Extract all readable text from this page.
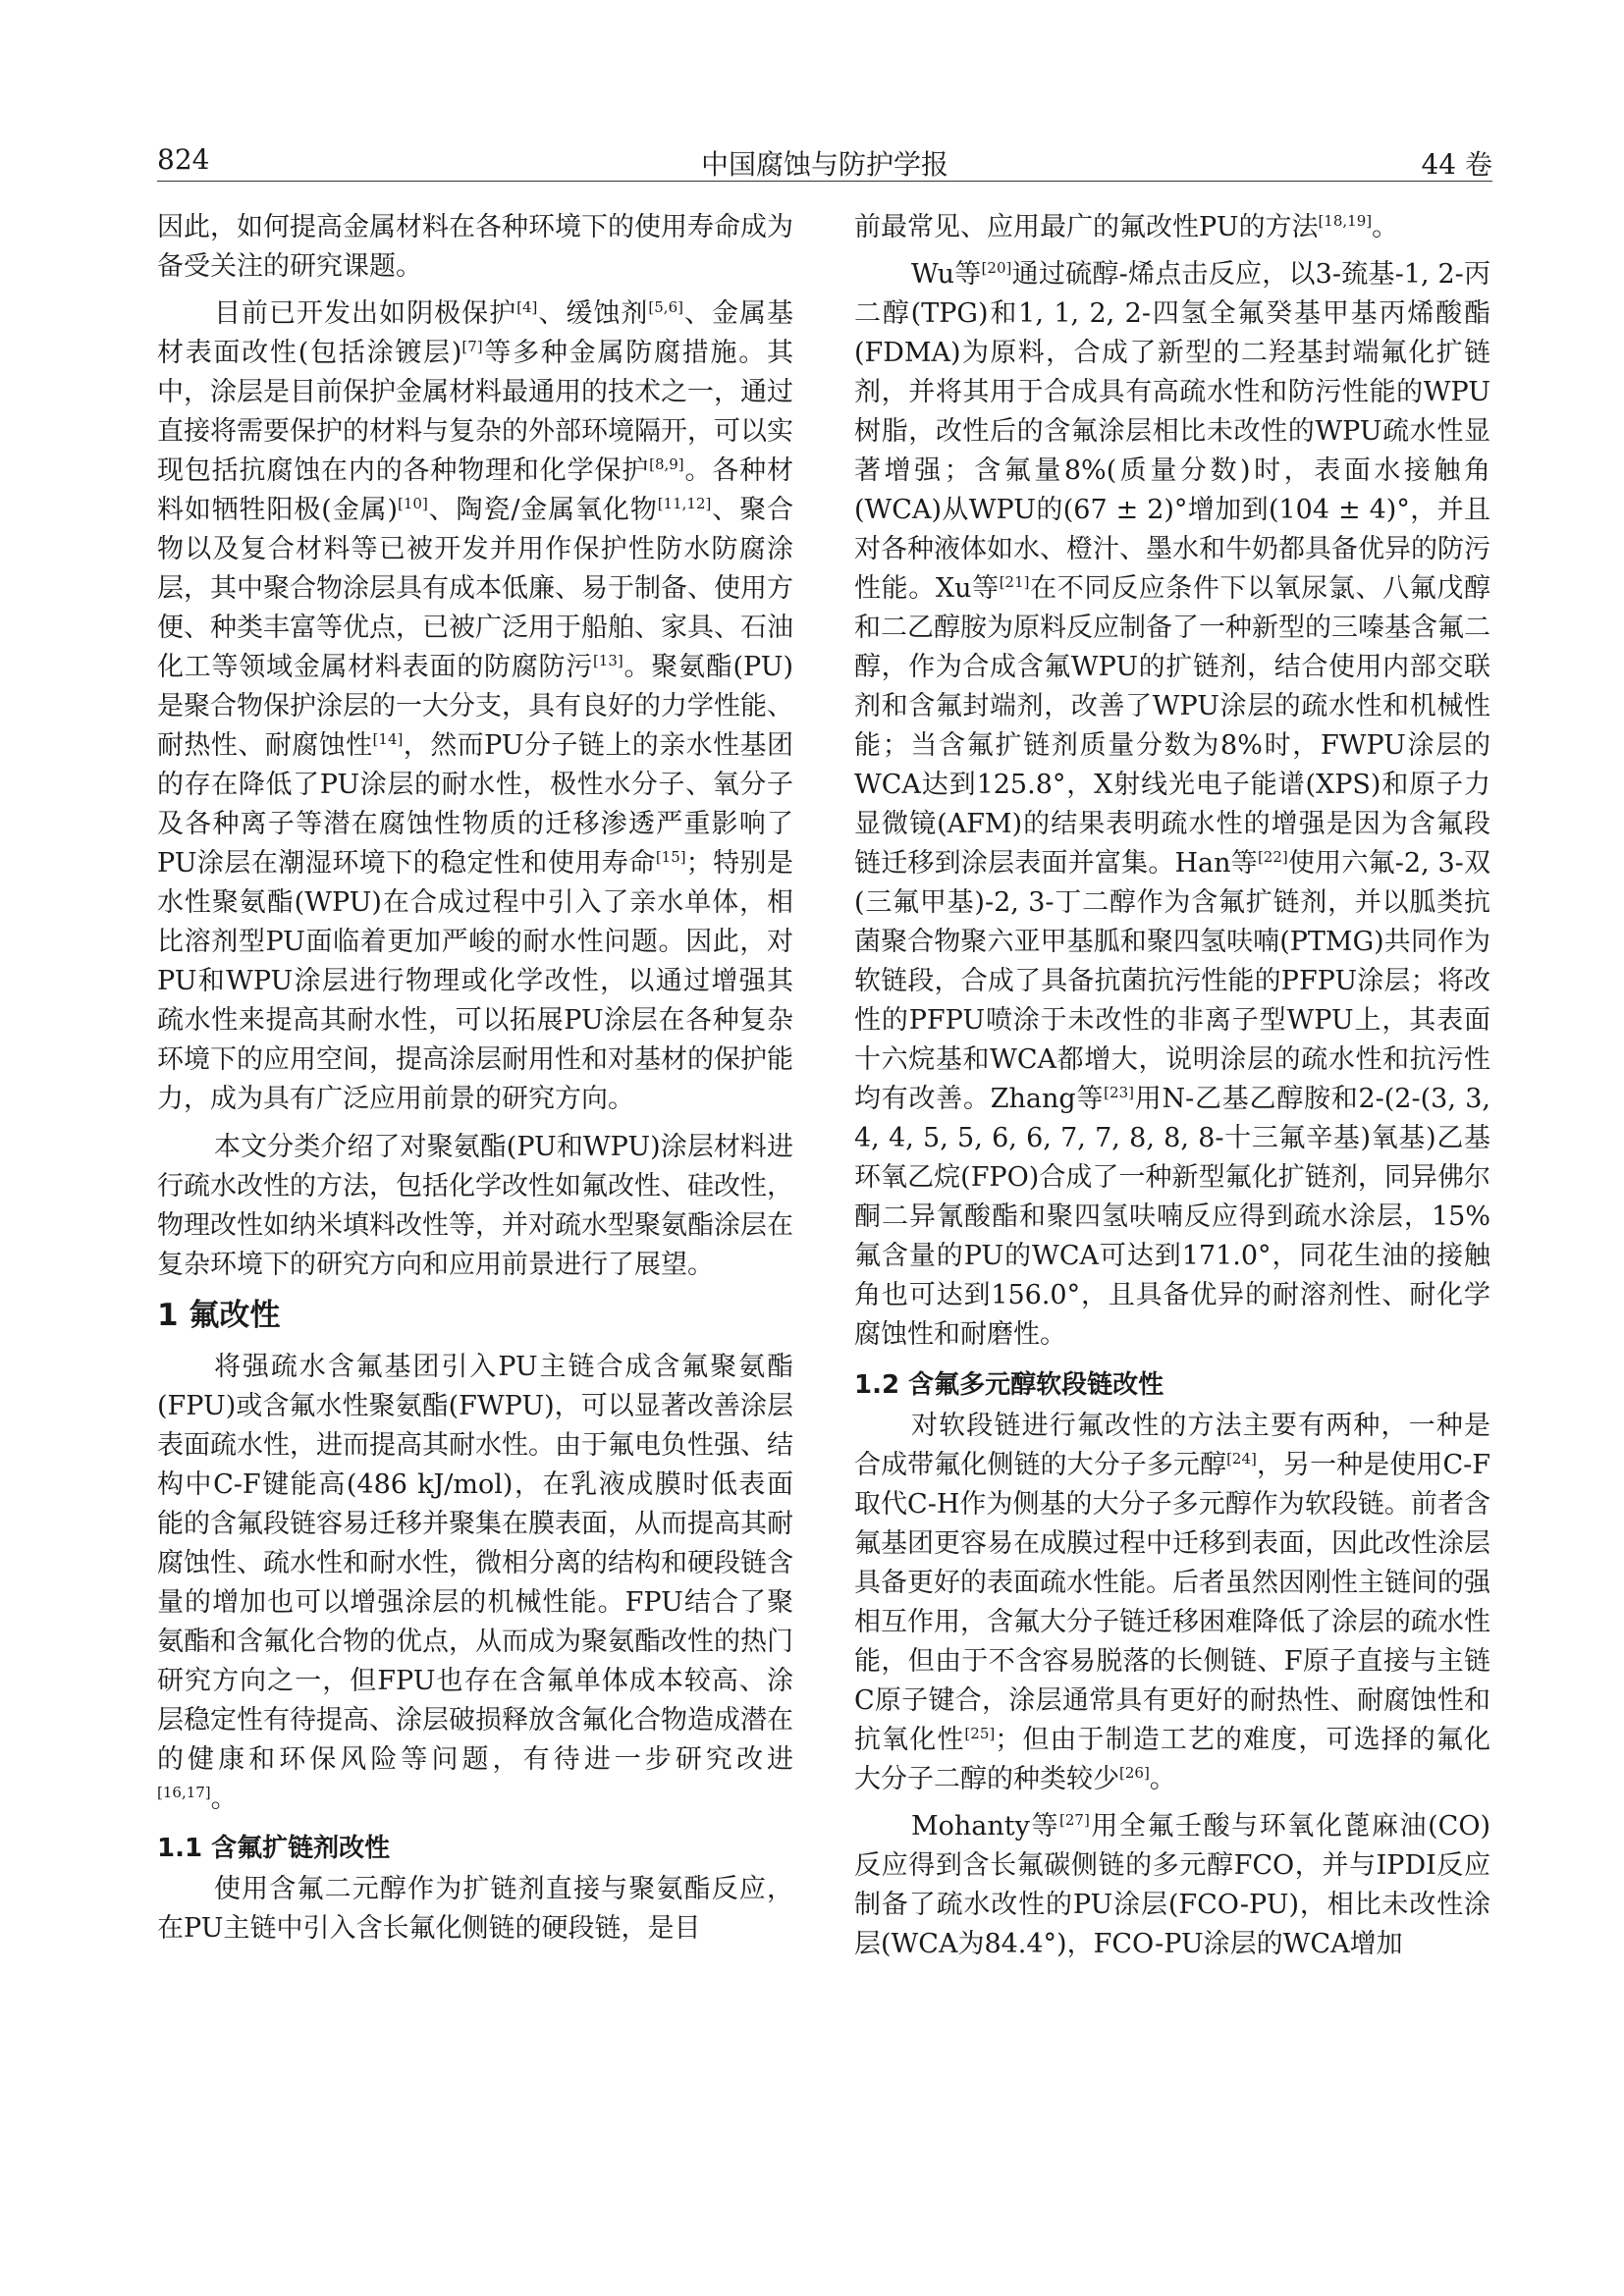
824	中国腐蚀与防护学报	44 卷

因此，如何提高金属材料在各种环境下的使用寿命成为备受关注的研究课题。

目前已开发出如阴极保护[4]、缓蚀剂[5,6]、金属基材表面改性(包括涂镀层)[7]等多种金属防腐措施。其中，涂层是目前保护金属材料最通用的技术之一，通过直接将需要保护的材料与复杂的外部环境隔开，可以实现包括抗腐蚀在内的各种物理和化学保护[8,9]。各种材料如牺牲阳极(金属)[10]、陶瓷/金属氧化物[11,12]、聚合物以及复合材料等已被开发并用作保护性防水防腐涂层，其中聚合物涂层具有成本低廉、易于制备、使用方便、种类丰富等优点，已被广泛用于船舶、家具、石油化工等领域金属材料表面的防腐防污[13]。聚氨酯(PU)是聚合物保护涂层的一大分支，具有良好的力学性能、耐热性、耐腐蚀性[14]，然而PU分子链上的亲水性基团的存在降低了PU涂层的耐水性，极性水分子、氧分子及各种离子等潜在腐蚀性物质的迁移渗透严重影响了PU涂层在潮湿环境下的稳定性和使用寿命[15]；特别是水性聚氨酯(WPU)在合成过程中引入了亲水单体，相比溶剂型PU面临着更加严峻的耐水性问题。因此，对PU和WPU涂层进行物理或化学改性，以通过增强其疏水性来提高其耐水性，可以拓展PU涂层在各种复杂环境下的应用空间，提高涂层耐用性和对基材的保护能力，成为具有广泛应用前景的研究方向。

本文分类介绍了对聚氨酯(PU和WPU)涂层材料进行疏水改性的方法，包括化学改性如氟改性、硅改性，物理改性如纳米填料改性等，并对疏水型聚氨酯涂层在复杂环境下的研究方向和应用前景进行了展望。

1 氟改性

将强疏水含氟基团引入PU主链合成含氟聚氨酯(FPU)或含氟水性聚氨酯(FWPU)，可以显著改善涂层表面疏水性，进而提高其耐水性。由于氟电负性强、结构中C-F键能高(486 kJ/mol)，在乳液成膜时低表面能的含氟段链容易迁移并聚集在膜表面，从而提高其耐腐蚀性、疏水性和耐水性，微相分离的结构和硬段链含量的增加也可以增强涂层的机械性能。FPU结合了聚氨酯和含氟化合物的优点，从而成为聚氨酯改性的热门研究方向之一，但FPU也存在含氟单体成本较高、涂层稳定性有待提高、涂层破损释放含氟化合物造成潜在的健康和环保风险等问题，有待进一步研究改进[16,17]。

1.1 含氟扩链剂改性

使用含氟二元醇作为扩链剂直接与聚氨酯反应，在PU主链中引入含长氟化侧链的硬段链，是目

前最常见、应用最广的氟改性PU的方法[18,19]。

Wu等[20]通过硫醇-烯点击反应，以3-巯基-1, 2-丙二醇(TPG)和1, 1, 2, 2-四氢全氟癸基甲基丙烯酸酯(FDMA)为原料，合成了新型的二羟基封端氟化扩链剂，并将其用于合成具有高疏水性和防污性能的WPU树脂，改性后的含氟涂层相比未改性的WPU疏水性显著增强；含氟量8%(质量分数)时，表面水接触角(WCA)从WPU的(67 ± 2)°增加到(104 ± 4)°，并且对各种液体如水、橙汁、墨水和牛奶都具备优异的防污性能。Xu等[21]在不同反应条件下以氧尿氯、八氟戊醇和二乙醇胺为原料反应制备了一种新型的三嗪基含氟二醇，作为合成含氟WPU的扩链剂，结合使用内部交联剂和含氟封端剂，改善了WPU涂层的疏水性和机械性能；当含氟扩链剂质量分数为8%时，FWPU涂层的WCA达到125.8°，X射线光电子能谱(XPS)和原子力显微镜(AFM)的结果表明疏水性的增强是因为含氟段链迁移到涂层表面并富集。Han等[22]使用六氟-2, 3-双(三氟甲基)-2, 3-丁二醇作为含氟扩链剂，并以胍类抗菌聚合物聚六亚甲基胍和聚四氢呋喃(PTMG)共同作为软链段，合成了具备抗菌抗污性能的PFPU涂层；将改性的PFPU喷涂于未改性的非离子型WPU上，其表面十六烷基和WCA都增大，说明涂层的疏水性和抗污性均有改善。Zhang等[23]用N-乙基乙醇胺和2-(2-(3, 3, 4, 4, 5, 5, 6, 6, 7, 7, 8, 8, 8-十三氟辛基)氧基)乙基环氧乙烷(FPO)合成了一种新型氟化扩链剂，同异佛尔酮二异氰酸酯和聚四氢呋喃反应得到疏水涂层，15%氟含量的PU的WCA可达到171.0°，同花生油的接触角也可达到156.0°，且具备优异的耐溶剂性、耐化学腐蚀性和耐磨性。

1.2 含氟多元醇软段链改性

对软段链进行氟改性的方法主要有两种，一种是合成带氟化侧链的大分子多元醇[24]，另一种是使用C-F取代C-H作为侧基的大分子多元醇作为软段链。前者含氟基团更容易在成膜过程中迁移到表面，因此改性涂层具备更好的表面疏水性能。后者虽然因刚性主链间的强相互作用，含氟大分子链迁移困难降低了涂层的疏水性能，但由于不含容易脱落的长侧链、F原子直接与主链C原子键合，涂层通常具有更好的耐热性、耐腐蚀性和抗氧化性[25]；但由于制造工艺的难度，可选择的氟化大分子二醇的种类较少[26]。

Mohanty等[27]用全氟壬酸与环氧化蓖麻油(CO)反应得到含长氟碳侧链的多元醇FCO，并与IPDI反应制备了疏水改性的PU涂层(FCO-PU)，相比未改性涂层(WCA为84.4°)，FCO-PU涂层的WCA增加
